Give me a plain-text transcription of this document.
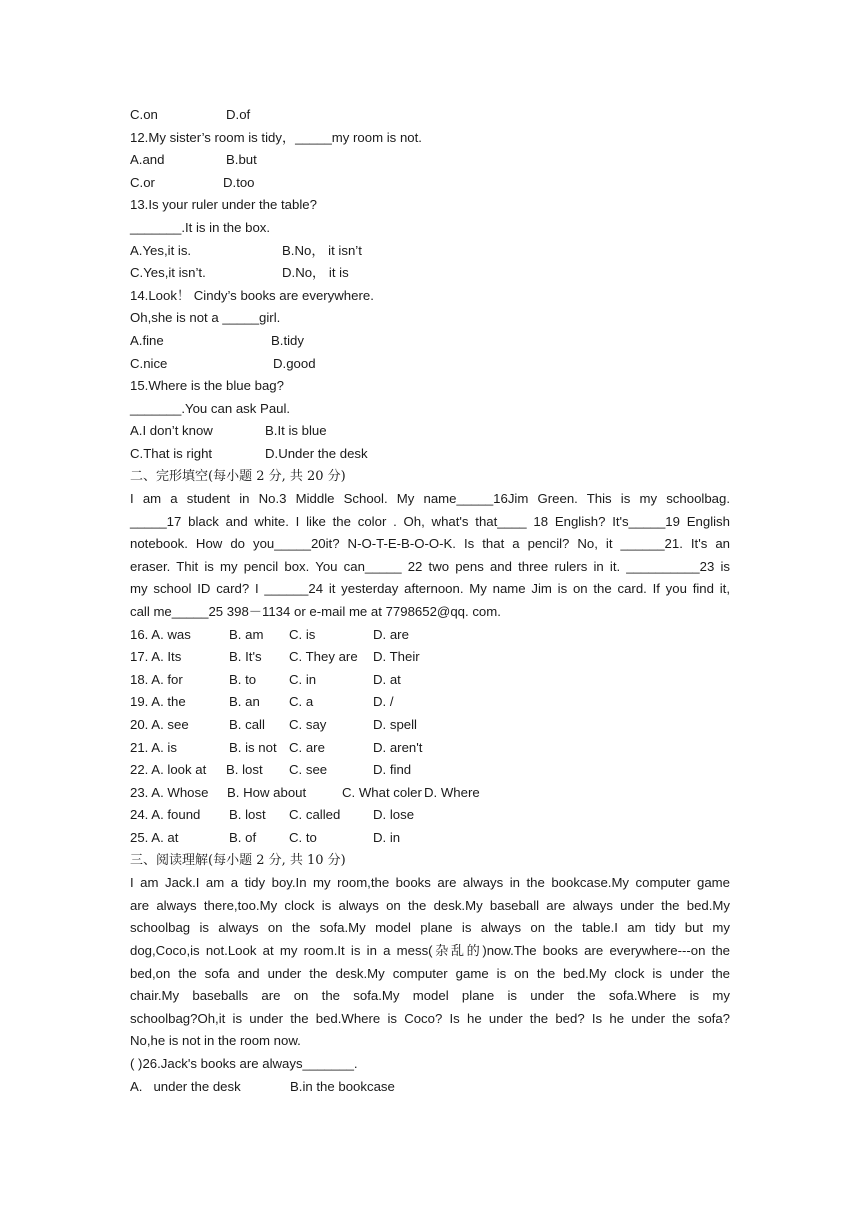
C.on	D.of
12.My sister’s room is tidy，_____my room is not.
A.and	B.but
C.or	D.too
13.Is your ruler under the table?
_______.It is in the box.
A.Yes,it is.	B.No， it isn’t
C.Yes,it isn’t.	D.No， it is
14.Look！ Cindy’s books are everywhere.
Oh,she is not a _____girl.
A.fine	B.tidy
C.nice	D.good
15.Where is the blue bag?
_______.You can ask Paul.
A.I don’t know	B.It is blue
C.That is right	D.Under the desk
二、完形填空(每小题 2 分, 共 20 分)
I am a student in No.3 Middle School. My name_____16Jim Green. This is my schoolbag.
_____17 black and white. I like the color . Oh, what's that____ 18 English? It's_____19 English
notebook. How do you_____20it? N-O-T-E-B-O-O-K. Is that a pencil? No, it ______21. It's an
eraser. Thit is my pencil box. You can_____ 22 two pens and three rulers in it. __________23 is
my school ID card? I ______24 it yesterday afternoon. My name Jim is on the card. If you find it,
call me_____25 398－1134 or e-mail me at 7798652@qq. com.
16. A. was	B. am C. is	D. are
17. A. Its	B. It's C. They are D. Their
18. A. for	B. to C. in	D. at
19. A. the	B. an C. a	D. /
20. A. see	B. call C. say	D. spell
21. A. is	B. is not C. are	D. aren't
22. A. look at B. lost C. see	D. find
23. A. Whose B. How about	C. What coler D. Where
24. A. found B. lost C. called D. lose
25. A. at	B. of C. to	D. in
三、阅读理解(每小题 2 分, 共 10 分)
I am Jack.I am a tidy boy.In my room,the books are always in the bookcase.My computer game
are always there,too.My clock is always on the desk.My baseball are always under the bed.My
schoolbag is always on the sofa.My model plane is always on the table.I am tidy but my
dog,Coco,is not.Look at my room.It is in a mess(杂乱的)now.The books are everywhere---on the
bed,on the sofa and under the desk.My computer game is on the bed.My clock is under the
chair.My baseballs are on the sofa.My model plane is under the sofa.Where is my
schoolbag?Oh,it is under the bed.Where is Coco? Is he under the bed? Is he under the sofa?
No,he is not in the room now.
( )26.Jack's books are always_______.
A.   under the desk	B.in the bookcase
